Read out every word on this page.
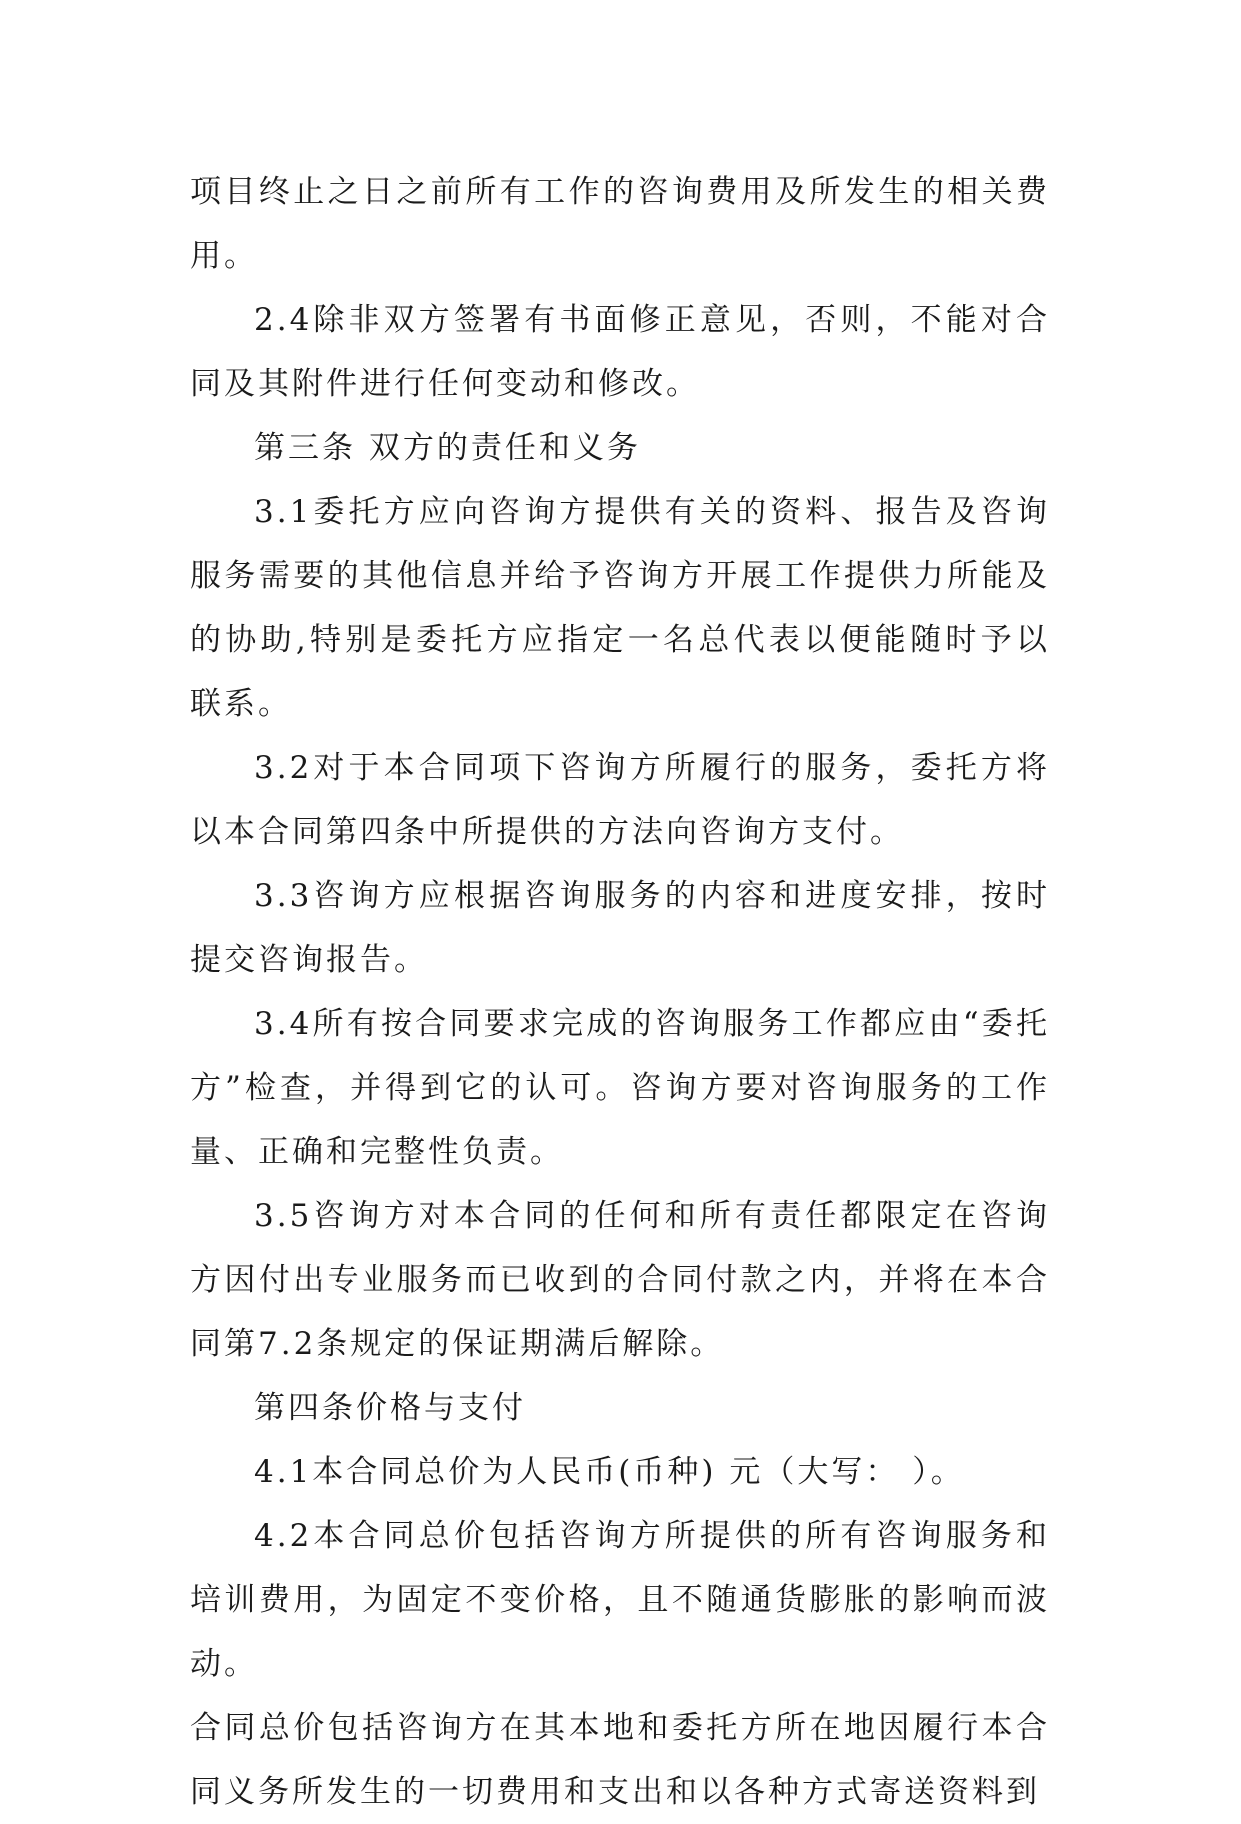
项目终止之日之前所有工作的咨询费用及所发生的相关费用。

2.4除非双方签署有书面修正意见，否则，不能对合同及其附件进行任何变动和修改。

第三条 双方的责任和义务

3.1委托方应向咨询方提供有关的资料、报告及咨询服务需要的其他信息并给予咨询方开展工作提供力所能及的协助,特别是委托方应指定一名总代表以便能随时予以联系。

3.2对于本合同项下咨询方所履行的服务，委托方将以本合同第四条中所提供的方法向咨询方支付。

3.3咨询方应根据咨询服务的内容和进度安排，按时提交咨询报告。

3.4所有按合同要求完成的咨询服务工作都应由“委托方”检查，并得到它的认可。咨询方要对咨询服务的工作量、正确和完整性负责。

3.5咨询方对本合同的任何和所有责任都限定在咨询方因付出专业服务而已收到的合同付款之内，并将在本合同第7.2条规定的保证期满后解除。

第四条价格与支付

4.1本合同总价为人民币(币种) 元（大写： ）。

4.2本合同总价包括咨询方所提供的所有咨询服务和培训费用，为固定不变价格，且不随通货膨胀的影响而波动。

合同总价包括咨询方在其本地和委托方所在地因履行本合同义务所发生的一切费用和支出和以各种方式寄送资料到
